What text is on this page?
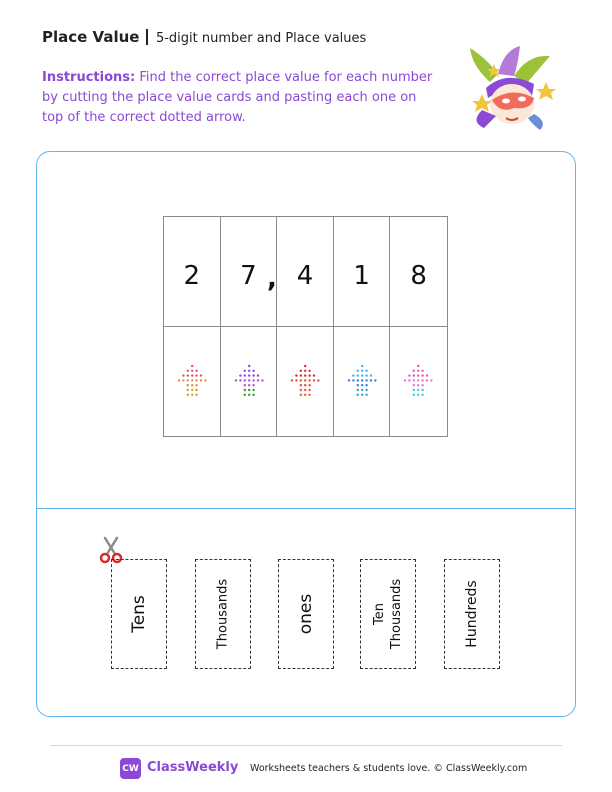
Place Value 5-digit number and Place values
Instructions: Find the correct place value for each number by cutting the place value cards and pasting each one on top of the correct dotted arrow.
2	7	4	1	8
,
Tens	Thousands	ones	Ten Thousands	Hundreds
CW ClassWeekly Worksheets teachers & students love. © ClassWeekly.com
